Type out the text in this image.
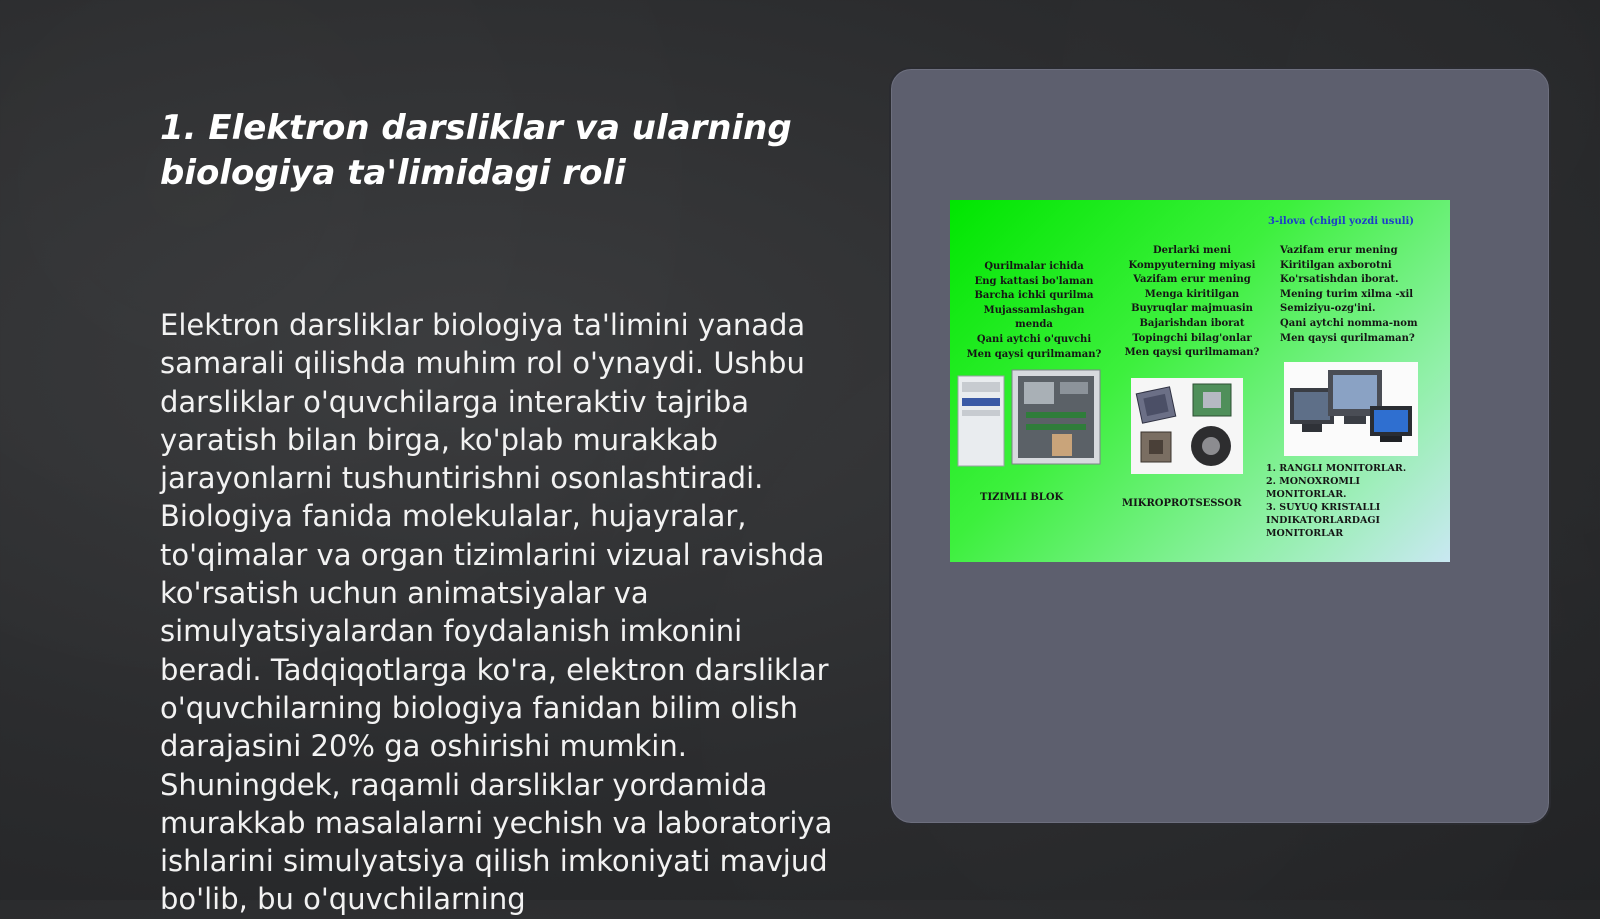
1. Elektron darsliklar va ularning biologiya ta'limidagi roli

Elektron darsliklar biologiya ta'limini yanada samarali qilishda muhim rol o'ynaydi. Ushbu darsliklar o'quvchilarga interaktiv tajriba yaratish bilan birga, ko'plab murakkab jarayonlarni tushuntirishni osonlashtiradi. Biologiya fanida molekulalar, hujayralar, to'qimalar va organ tizimlarini vizual ravishda ko'rsatish uchun animatsiyalar va simulyatsiyalardan foydalanish imkonini beradi. Tadqiqotlarga ko'ra, elektron darsliklar o'quvchilarning biologiya fanidan bilim olish darajasini 20% ga oshirishi mumkin. Shuningdek, raqamli darsliklar yordamida murakkab masalalarni yechish va laboratoriya ishlarini simulyatsiya qilish imkoniyati mavjud bo'lib, bu o'quvchilarning

3-ilova (chigil yozdi usuli)

Qurilmalar ichida
Eng kattasi bo'laman
Barcha ichki qurilma
Mujassamlashgan menda
Qani aytchi o'quvchi
Men qaysi qurilmaman?

Derlarki meni
Kompyuterning miyasi
Vazifam erur mening
Menga kiritilgan
Buyruqlar majmuasin
Bajarishdan iborat
Topingchi bilag'onlar
Men qaysi qurilmaman?

Vazifam erur mening
Kiritilgan axborotni
Ko'rsatishdan iborat.
Mening turim xilma -xil
Semiziyu-ozg'ini.
Qani aytchi nomma-nom
Men qaysi qurilmaman?

TIZIMLI BLOK
MIKROPROTSESSOR

1. RANGLI MONITORLAR.
2. MONOXROMLI
MONITORLAR.
3. SUYUQ KRISTALLI
INDIKATORLARDAGI
MONITORLAR
